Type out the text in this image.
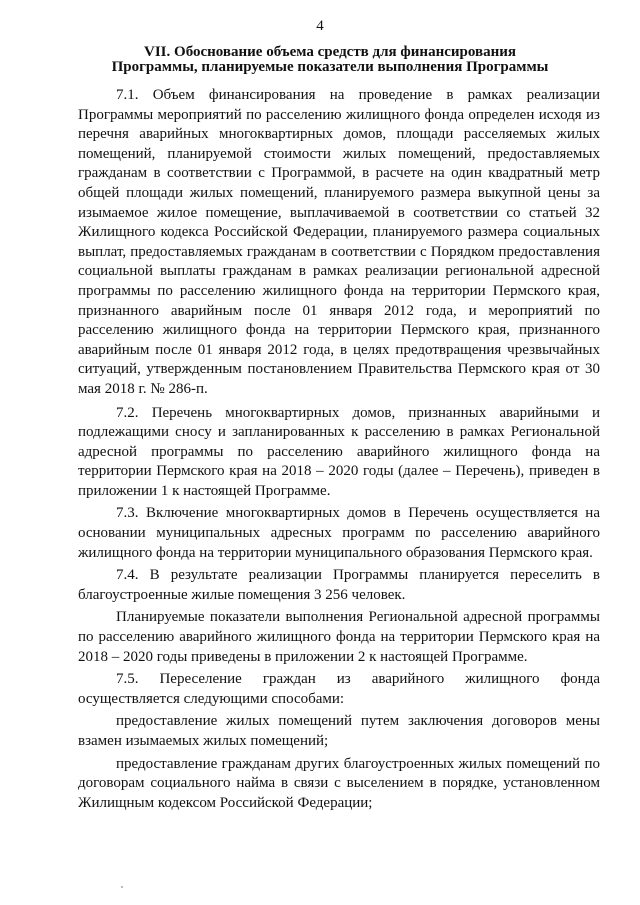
4
VII. Обоснование объема средств для финансирования
Программы, планируемые показатели выполнения Программы

7.1. Объем финансирования на проведение в рамках реализации Программы мероприятий по расселению жилищного фонда определен исходя из перечня аварийных многоквартирных домов, площади расселяемых жилых помещений, планируемой стоимости жилых помещений, предоставляемых гражданам в соответствии с Программой, в расчете на один квадратный метр общей площади жилых помещений, планируемого размера выкупной цены за изымаемое жилое помещение, выплачиваемой в соответствии со статьей 32 Жилищного кодекса Российской Федерации, планируемого размера социальных выплат, предоставляемых гражданам в соответствии с Порядком предоставления социальной выплаты гражданам в рамках реализации региональной адресной программы по расселению жилищного фонда на территории Пермского края, признанного аварийным после 01 января 2012 года, и мероприятий по расселению жилищного фонда на территории Пермского края, признанного аварийным после 01 января 2012 года, в целях предотвращения чрезвычайных ситуаций, утвержденным постановлением Правительства Пермского края от 30 мая 2018 г. № 286-п.

7.2. Перечень многоквартирных домов, признанных аварийными и подлежащими сносу и запланированных к расселению в рамках Региональной адресной программы по расселению аварийного жилищного фонда на территории Пермского края на 2018 – 2020 годы (далее – Перечень), приведен в приложении 1 к настоящей Программе.

7.3. Включение многоквартирных домов в Перечень осуществляется на основании муниципальных адресных программ по расселению аварийного жилищного фонда на территории муниципального образования Пермского края.

7.4. В результате реализации Программы планируется переселить в благоустроенные жилые помещения 3 256 человек.

Планируемые показатели выполнения Региональной адресной программы по расселению аварийного жилищного фонда на территории Пермского края на 2018 – 2020 годы приведены в приложении 2 к настоящей Программе.

7.5. Переселение граждан из аварийного жилищного фонда осуществляется следующими способами:

предоставление жилых помещений путем заключения договоров мены взамен изымаемых жилых помещений;

предоставление гражданам других благоустроенных жилых помещений по договорам социального найма в связи с выселением в порядке, установленном Жилищным кодексом Российской Федерации;
